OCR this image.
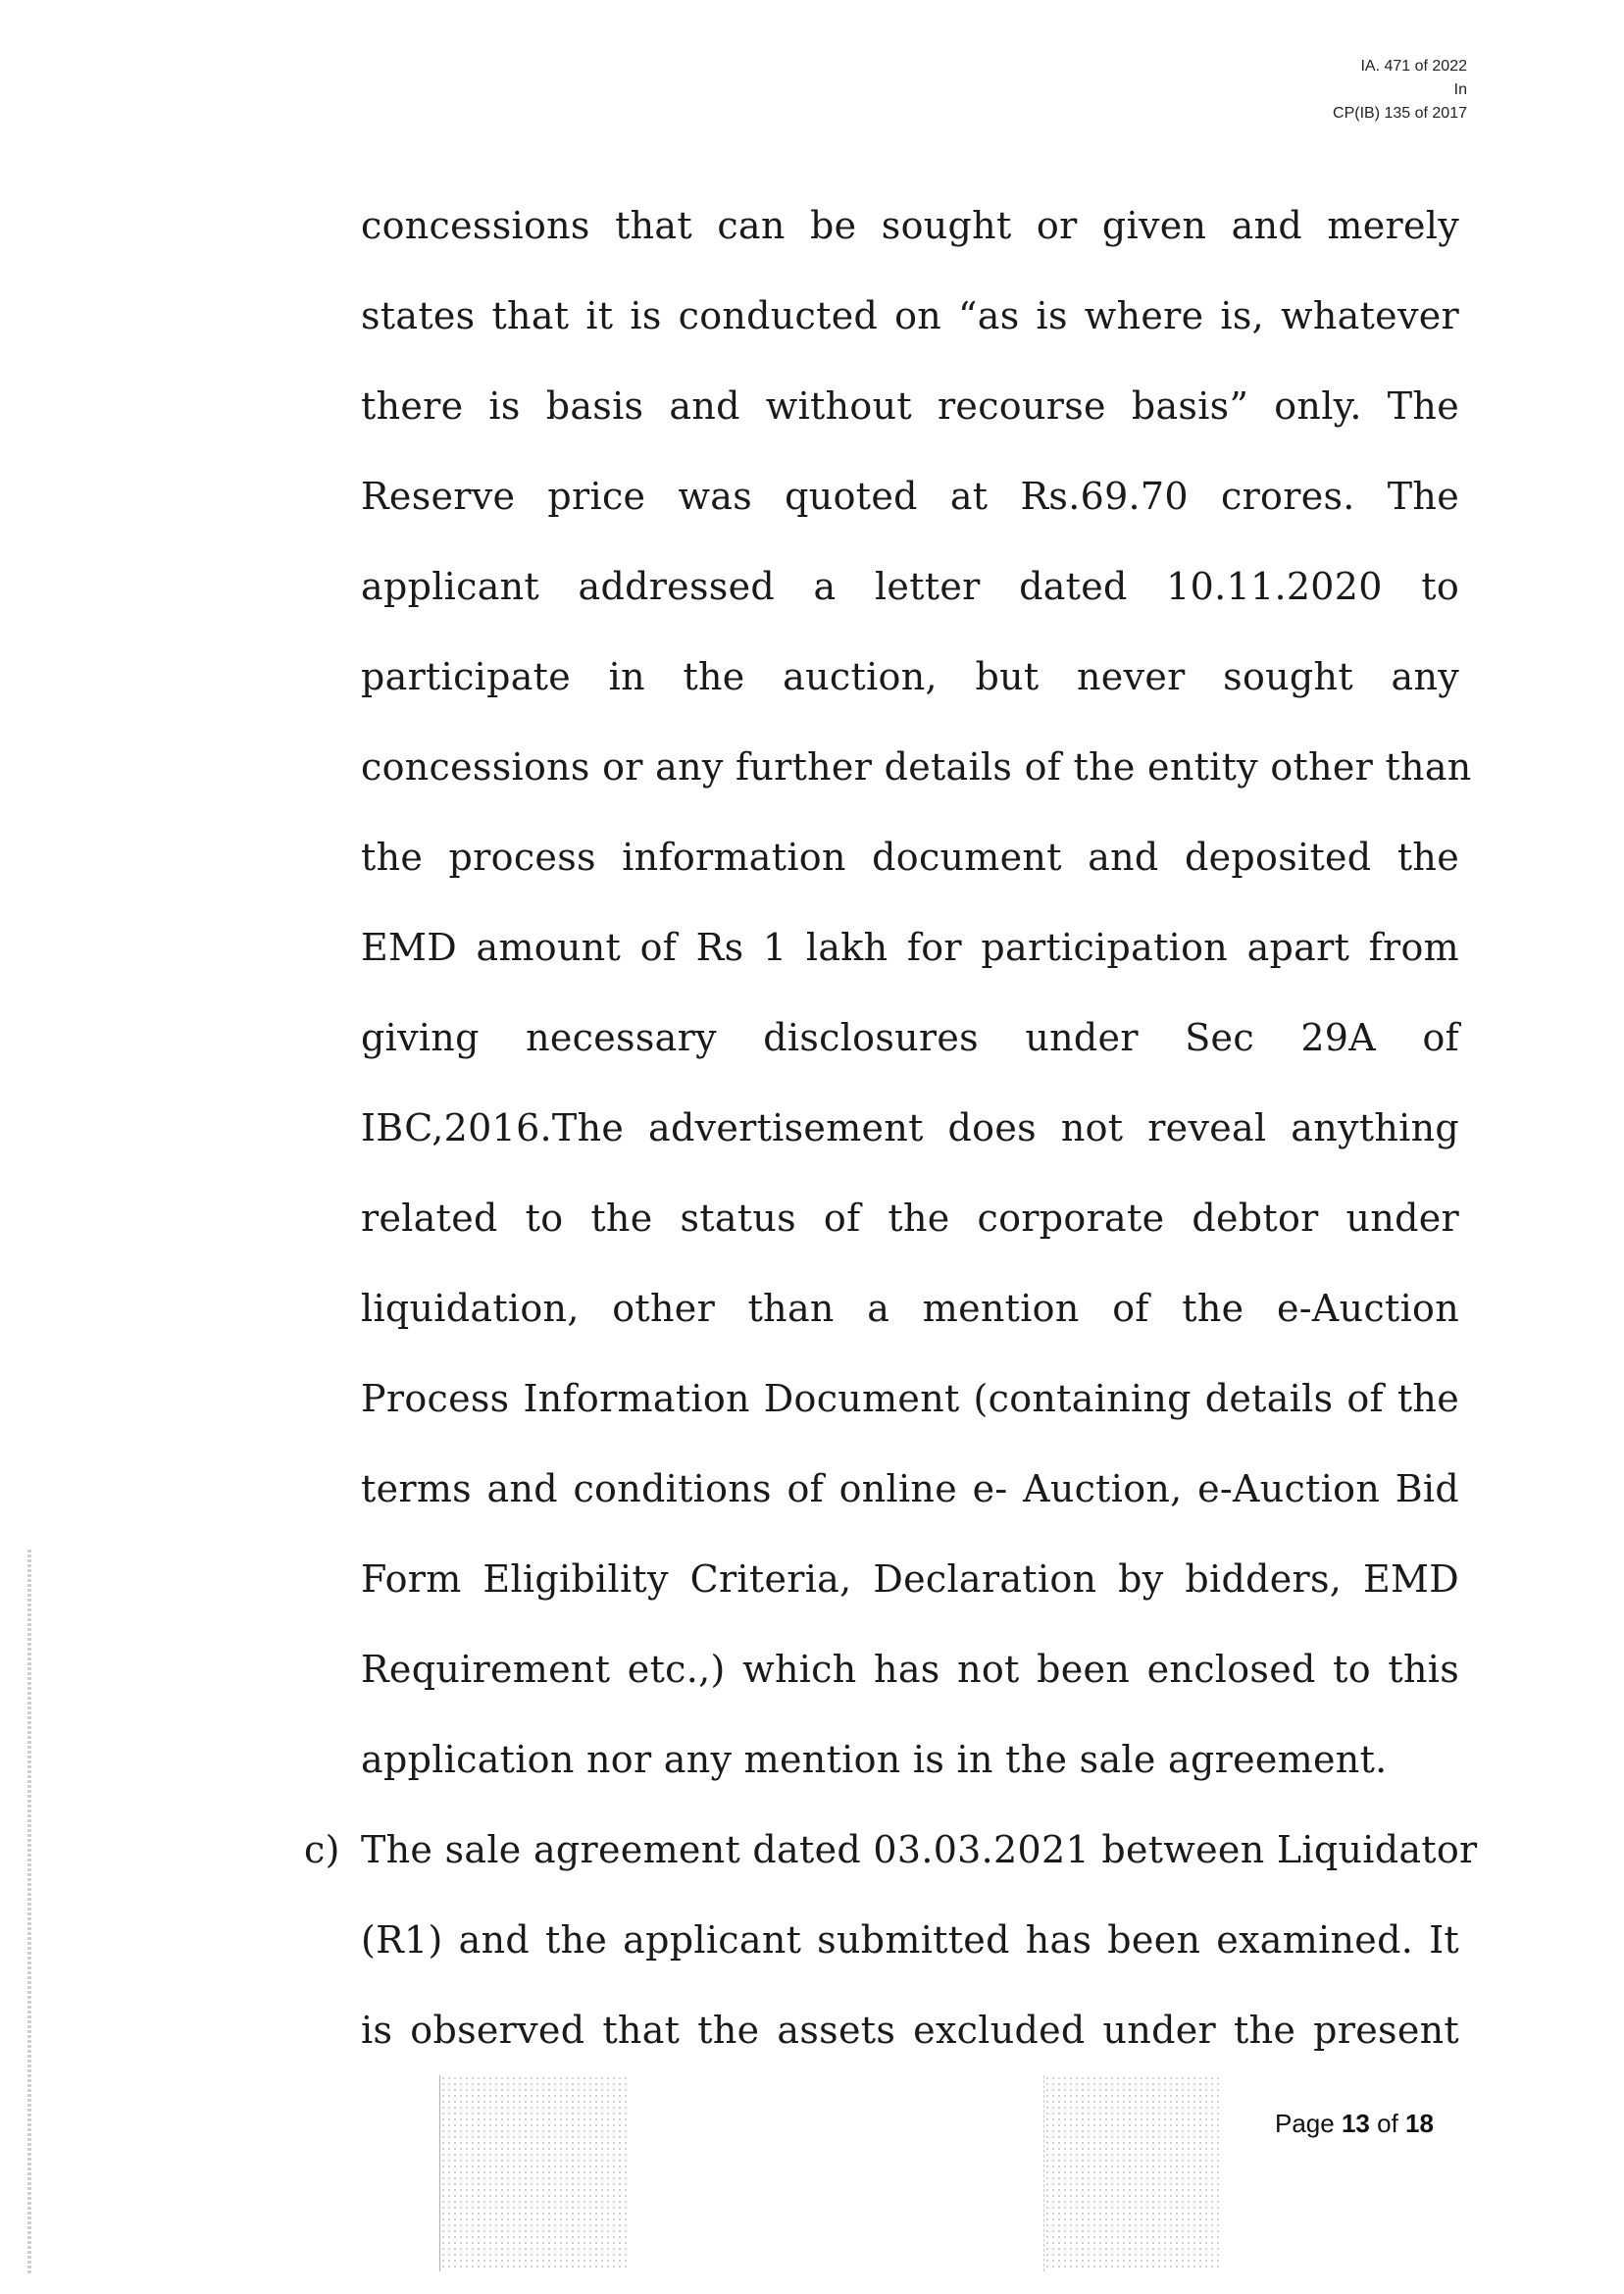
IA. 471 of 2022
In
CP(IB) 135 of 2017
concessions that can be sought or given and merely
states that it is conducted on “as is where is, whatever
there is basis and without recourse basis” only. The
Reserve price was quoted at Rs.69.70 crores. The
applicant addressed a letter dated 10.11.2020 to
participate in the auction, but never sought any
concessions or any further details of the entity other than
the process information document and deposited the
EMD amount of Rs 1 lakh for participation apart from
giving necessary disclosures under Sec 29A of
IBC,2016.The advertisement does not reveal anything
related to the status of the corporate debtor under
liquidation, other than a mention of the e-Auction
Process Information Document (containing details of the
terms and conditions of online e- Auction, e-Auction Bid
Form Eligibility Criteria, Declaration by bidders, EMD
Requirement etc.,) which has not been enclosed to this
application nor any mention is in the sale agreement.
c) The sale agreement dated 03.03.2021 between Liquidator
(R1) and the applicant submitted has been examined. It
is observed that the assets excluded under the present
Page 13 of 18
